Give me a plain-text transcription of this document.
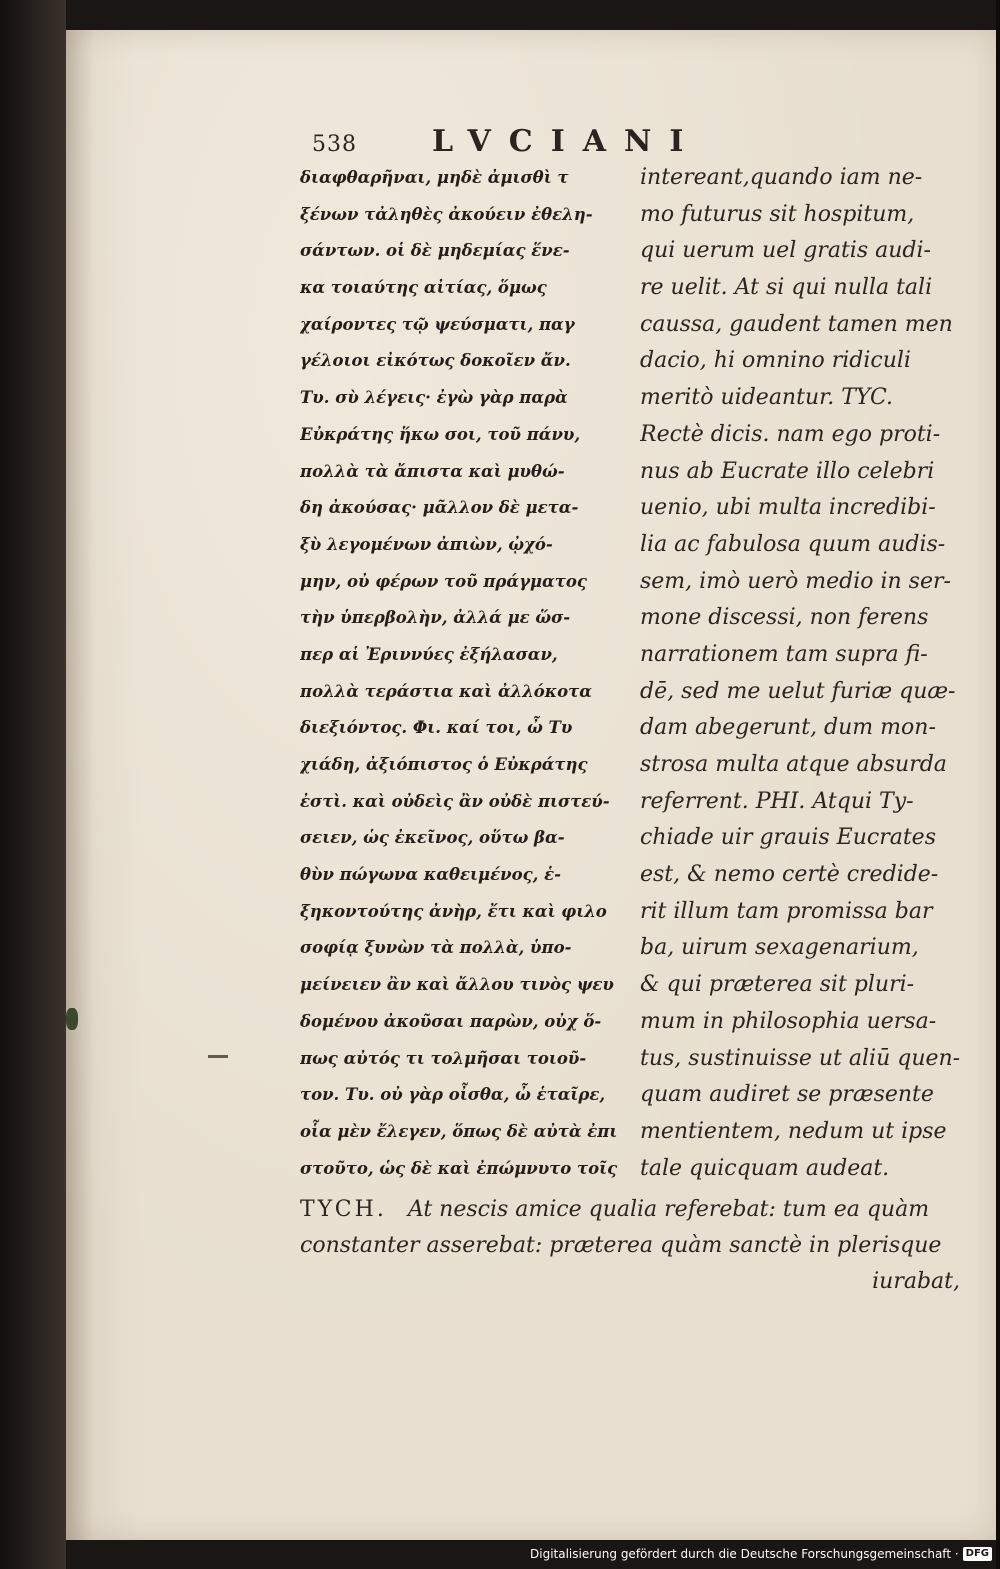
538	LVCIANI
διαφθαρῆναι, μηδὲ ἀμισθὶ τ
ξένων τἀληθὲς ἀκούειν ἐθελη-
σάντων. οἱ δὲ μηδεμίας ἕνε-
κα τοιαύτης αἰτίας, ὅμως
χαίροντες τῷ ψεύσματι, παγ
γέλοιοι εἰκότως δοκοῖεν ἄν.
Τυ. σὺ λέγεις· ἐγὼ γὰρ παρὰ
Εὐκράτης ἥκω σοι, τοῦ πάνυ,
πολλὰ τὰ ἄπιστα καὶ μυθώ-
δη ἀκούσας· μᾶλλον δὲ μετα-
ξὺ λεγομένων ἀπιὼν, ᾠχό-
μην, οὐ φέρων τοῦ πράγματος
τὴν ὑπερβολὴν, ἀλλά με ὥσ-
περ αἱ Ἐριννύες ἐξήλασαν,
πολλὰ τεράστια καὶ ἀλλόκοτα
διεξιόντος. Φι. καί τοι, ὦ Τυ
χιάδη, ἀξιόπιστος ὁ Εὐκράτης
ἐστὶ. καὶ οὐδεὶς ἂν οὐδὲ πιστεύ-
σειεν, ὡς ἐκεῖνος, οὕτω βα-
θὺν πώγωνα καθειμένος, ἑ-
ξηκοντούτης ἀνὴρ, ἔτι καὶ φιλο
σοφίᾳ ξυνὼν τὰ πολλὰ, ὑπο-
μείνειεν ἂν καὶ ἄλλου τινὸς ψευ
δομένου ἀκοῦσαι παρὼν, οὐχ ὅ-
πως αὐτός τι τολμῆσαι τοιοῦ-
τον. Τυ. οὐ γὰρ οἶσθα, ὦ ἑταῖρε,
οἷα μὲν ἔλεγεν, ὅπως δὲ αὐτὰ ἐπι
στοῦτο, ὡς δὲ καὶ ἐπώμνυτο τοῖς
intereant,quando iam ne-
mo futurus sit hospitum,
qui uerum uel gratis audi-
re uelit. At si qui nulla tali
caussa, gaudent tamen men
dacio, hi omnino ridiculi
meritò uideantur. TYC.
Rectè dicis. nam ego proti-
nus ab Eucrate illo celebri
uenio, ubi multa incredibi-
lia ac fabulosa quum audis-
sem, imò uerò medio in ser-
mone discessi, non ferens
narrationem tam supra fi-
dē, sed me uelut furiæ quæ-
dam abegerunt, dum mon-
strosa multa atque absurda
referrent. PHI. Atqui Ty-
chiade uir grauis Eucrates
est, & nemo certè credide-
rit illum tam promissa bar
ba, uirum sexagenarium,
& qui præterea sit pluri-
mum in philosophia uersa-
tus, sustinuisse ut aliū quen-
quam audiret se præsente
mentientem, nedum ut ipse
tale quicquam audeat.
TYCH. At nescis amice qualia referebat: tum ea quàm
constanter asserebat: præterea quàm sanctè in plerisque
iurabat,
Digitalisierung gefördert durch die Deutsche Forschungsgemeinschaft · DFG
